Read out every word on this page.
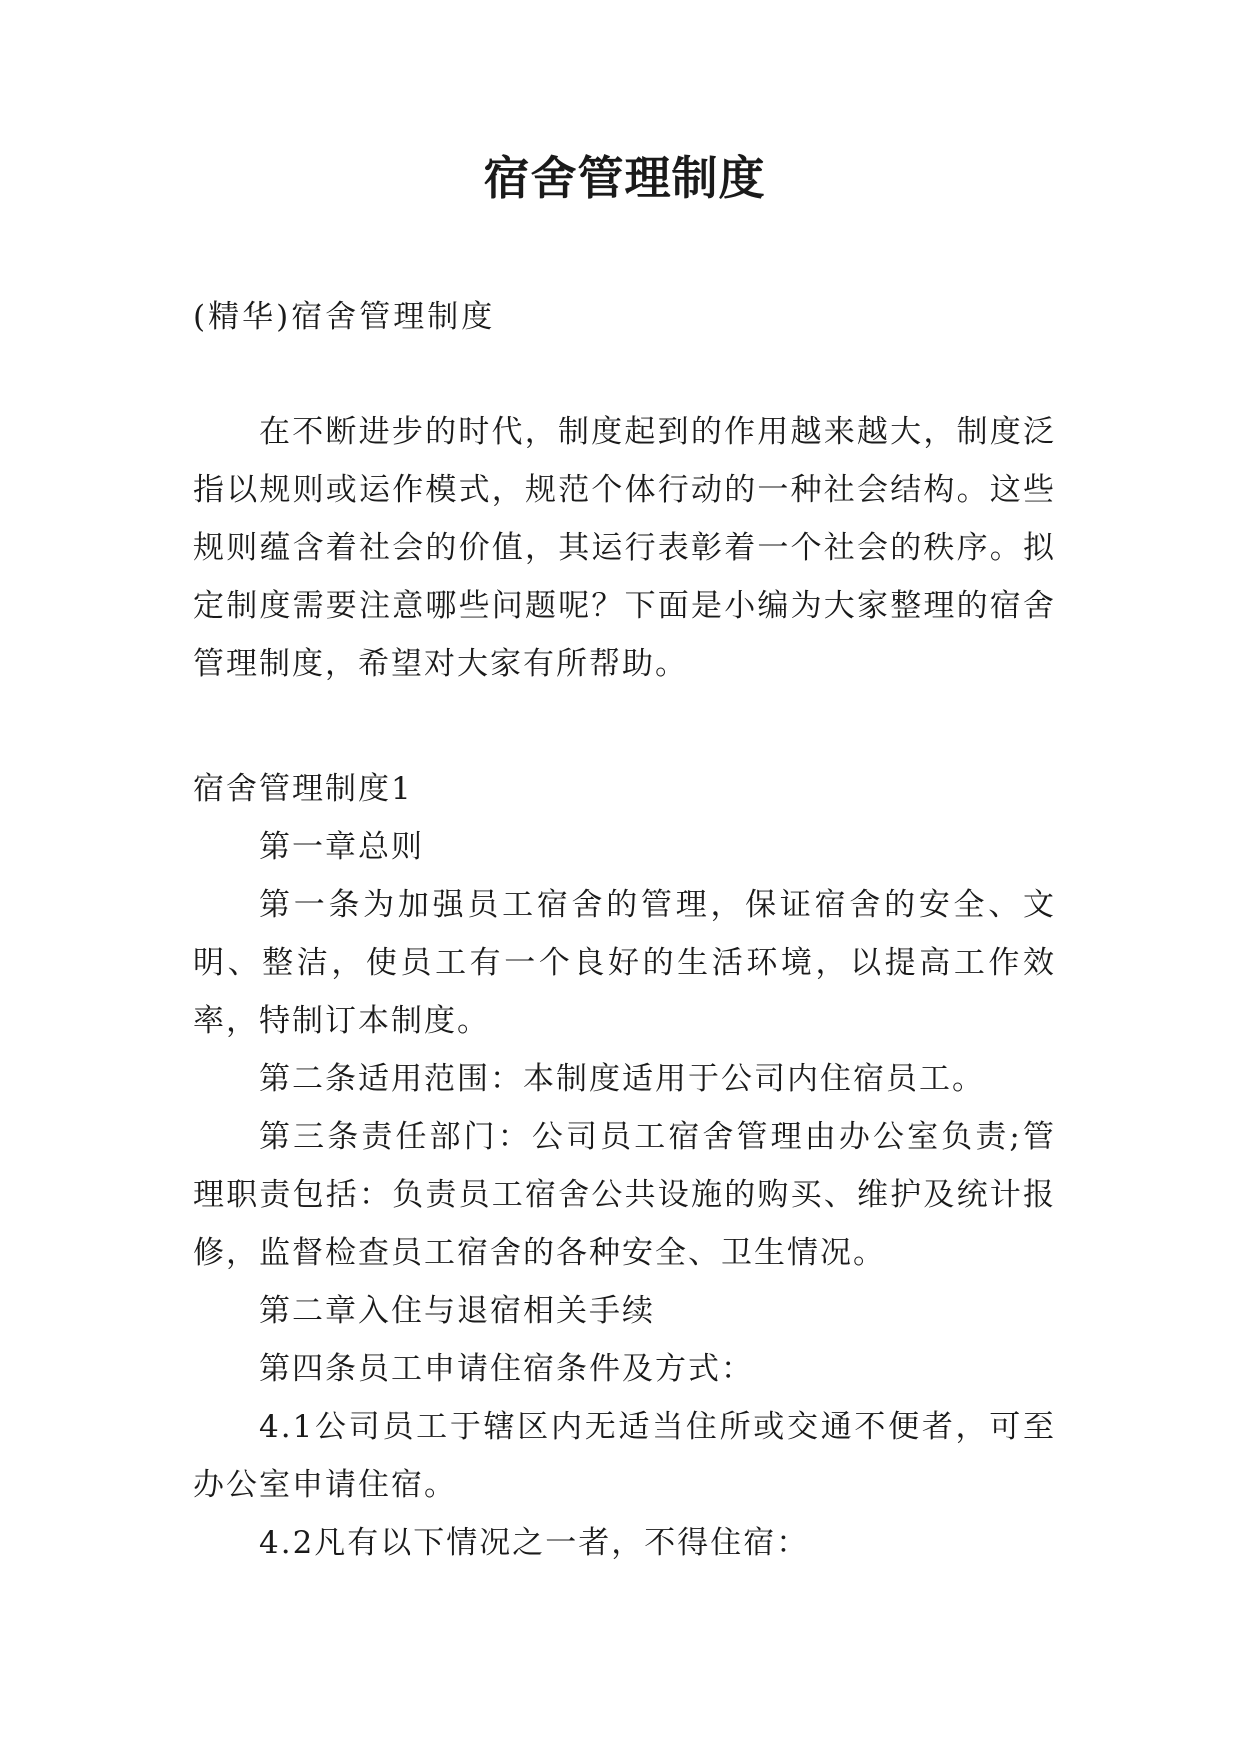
宿舍管理制度

(精华)宿舍管理制度

在不断进步的时代，制度起到的作用越来越大，制度泛指以规则或运作模式，规范个体行动的一种社会结构。这些规则蕴含着社会的价值，其运行表彰着一个社会的秩序。拟定制度需要注意哪些问题呢？下面是小编为大家整理的宿舍管理制度，希望对大家有所帮助。

宿舍管理制度1

第一章总则

第一条为加强员工宿舍的管理，保证宿舍的安全、文明、整洁，使员工有一个良好的生活环境，以提高工作效率，特制订本制度。

第二条适用范围：本制度适用于公司内住宿员工。

第三条责任部门：公司员工宿舍管理由办公室负责;管理职责包括：负责员工宿舍公共设施的购买、维护及统计报修，监督检查员工宿舍的各种安全、卫生情况。

第二章入住与退宿相关手续

第四条员工申请住宿条件及方式：

4.1公司员工于辖区内无适当住所或交通不便者，可至办公室申请住宿。

4.2凡有以下情况之一者，不得住宿：
